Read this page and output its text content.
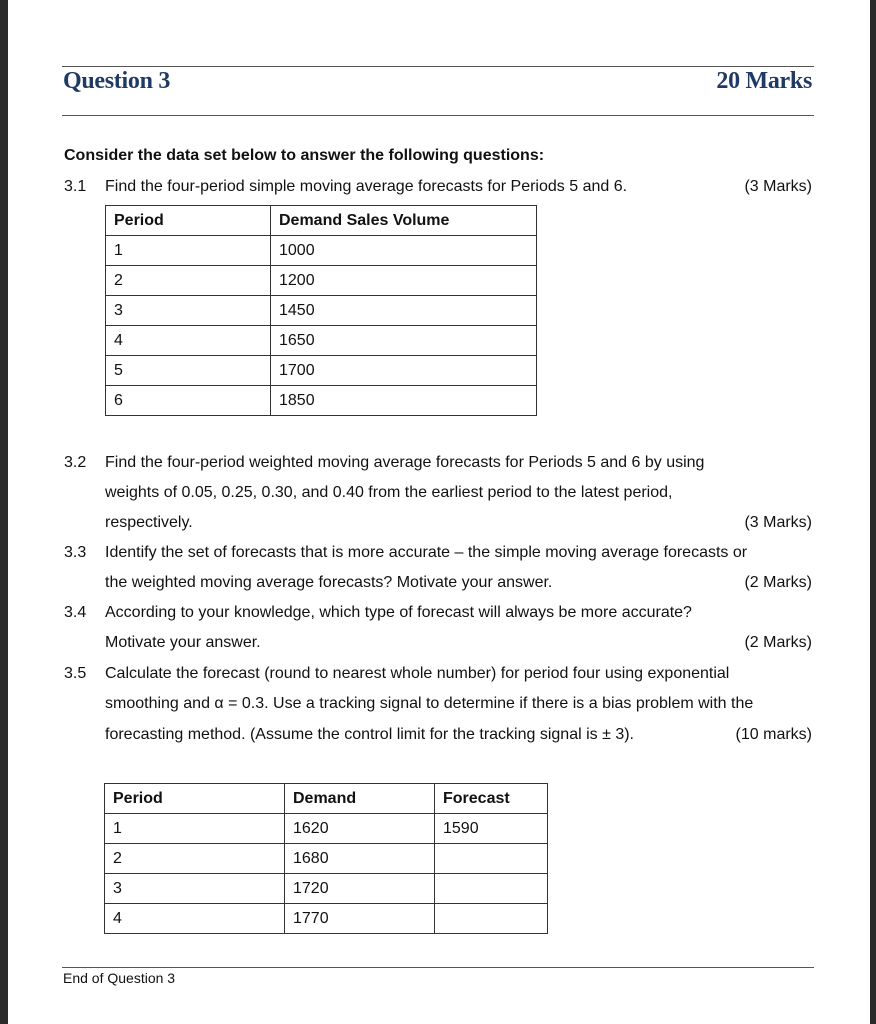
Question 3	20 Marks
Consider the data set below to answer the following questions:
3.1 Find the four-period simple moving average forecasts for Periods 5 and 6.	(3 Marks)
Period	Demand Sales Volume
1	1000
2	1200
3	1450
4	1650
5	1700
6	1850
3.2 Find the four-period weighted moving average forecasts for Periods 5 and 6 by using
weights of 0.05, 0.25, 0.30, and 0.40 from the earliest period to the latest period,
respectively.	(3 Marks)
3.3 Identify the set of forecasts that is more accurate – the simple moving average forecasts or
the weighted moving average forecasts? Motivate your answer.	(2 Marks)
3.4 According to your knowledge, which type of forecast will always be more accurate?
Motivate your answer.	(2 Marks)
3.5 Calculate the forecast (round to nearest whole number) for period four using exponential
smoothing and α = 0.3. Use a tracking signal to determine if there is a bias problem with the
forecasting method. (Assume the control limit for the tracking signal is ± 3).	(10 marks)
Period	Demand	Forecast
1	1620	1590
2	1680	
3	1720	
4	1770	
End of Question 3
